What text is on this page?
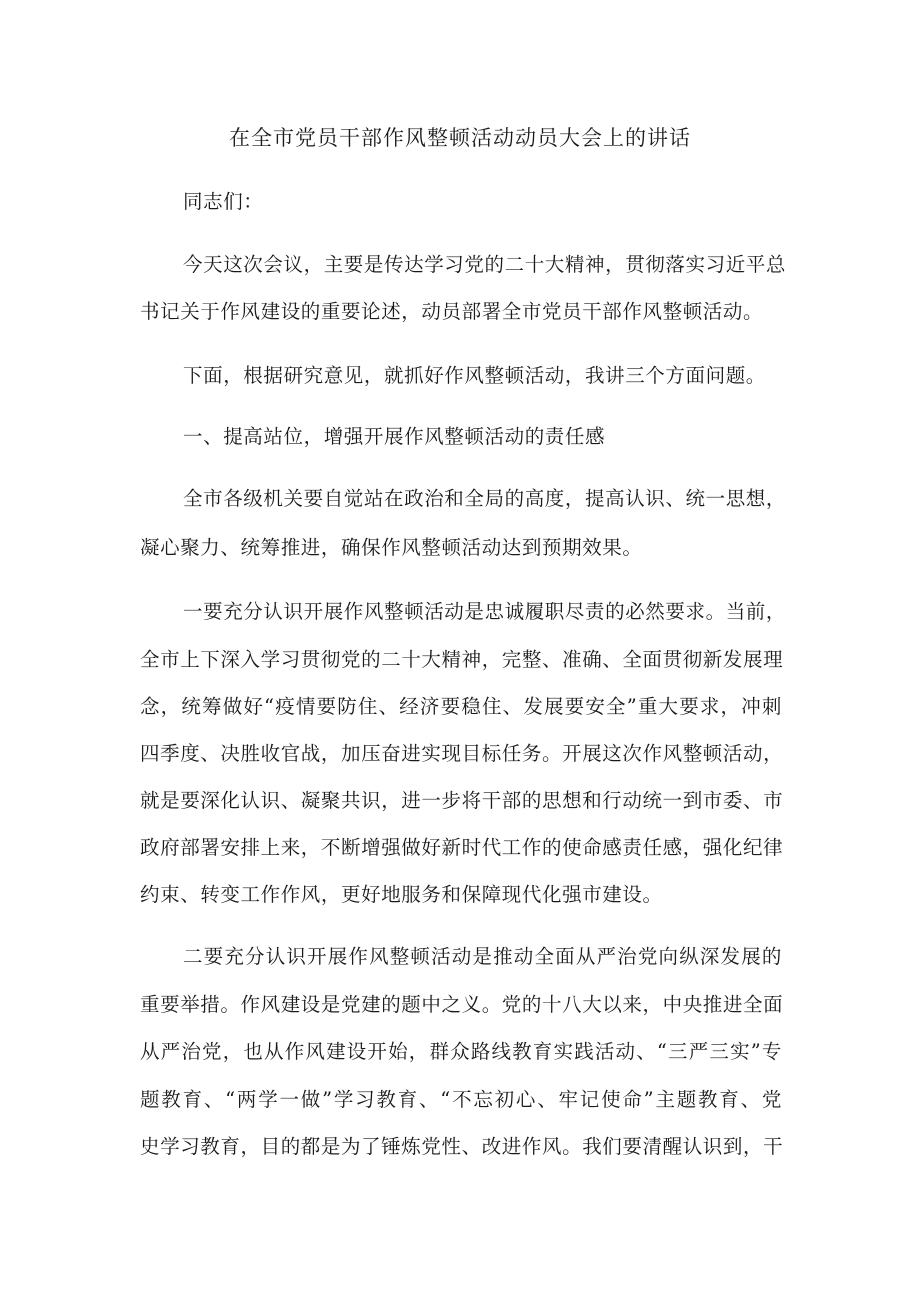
在全市党员干部作风整顿活动动员大会上的讲话
同志们：
今天这次会议，主要是传达学习党的二十大精神，贯彻落实习近平总
书记关于作风建设的重要论述，动员部署全市党员干部作风整顿活动。
下面，根据研究意见，就抓好作风整顿活动，我讲三个方面问题。
一、提高站位，增强开展作风整顿活动的责任感
全市各级机关要自觉站在政治和全局的高度，提高认识、统一思想，
凝心聚力、统筹推进，确保作风整顿活动达到预期效果。
一要充分认识开展作风整顿活动是忠诚履职尽责的必然要求。当前，
全市上下深入学习贯彻党的二十大精神，完整、准确、全面贯彻新发展理
念，统筹做好“疫情要防住、经济要稳住、发展要安全”重大要求，冲刺
四季度、决胜收官战，加压奋进实现目标任务。开展这次作风整顿活动，
就是要深化认识、凝聚共识，进一步将干部的思想和行动统一到市委、市
政府部署安排上来，不断增强做好新时代工作的使命感责任感，强化纪律
约束、转变工作作风，更好地服务和保障现代化强市建设。
二要充分认识开展作风整顿活动是推动全面从严治党向纵深发展的
重要举措。作风建设是党建的题中之义。党的十八大以来，中央推进全面
从严治党，也从作风建设开始，群众路线教育实践活动、“三严三实”专
题教育、“两学一做”学习教育、“不忘初心、牢记使命”主题教育、党
史学习教育，目的都是为了锤炼党性、改进作风。我们要清醒认识到，干
